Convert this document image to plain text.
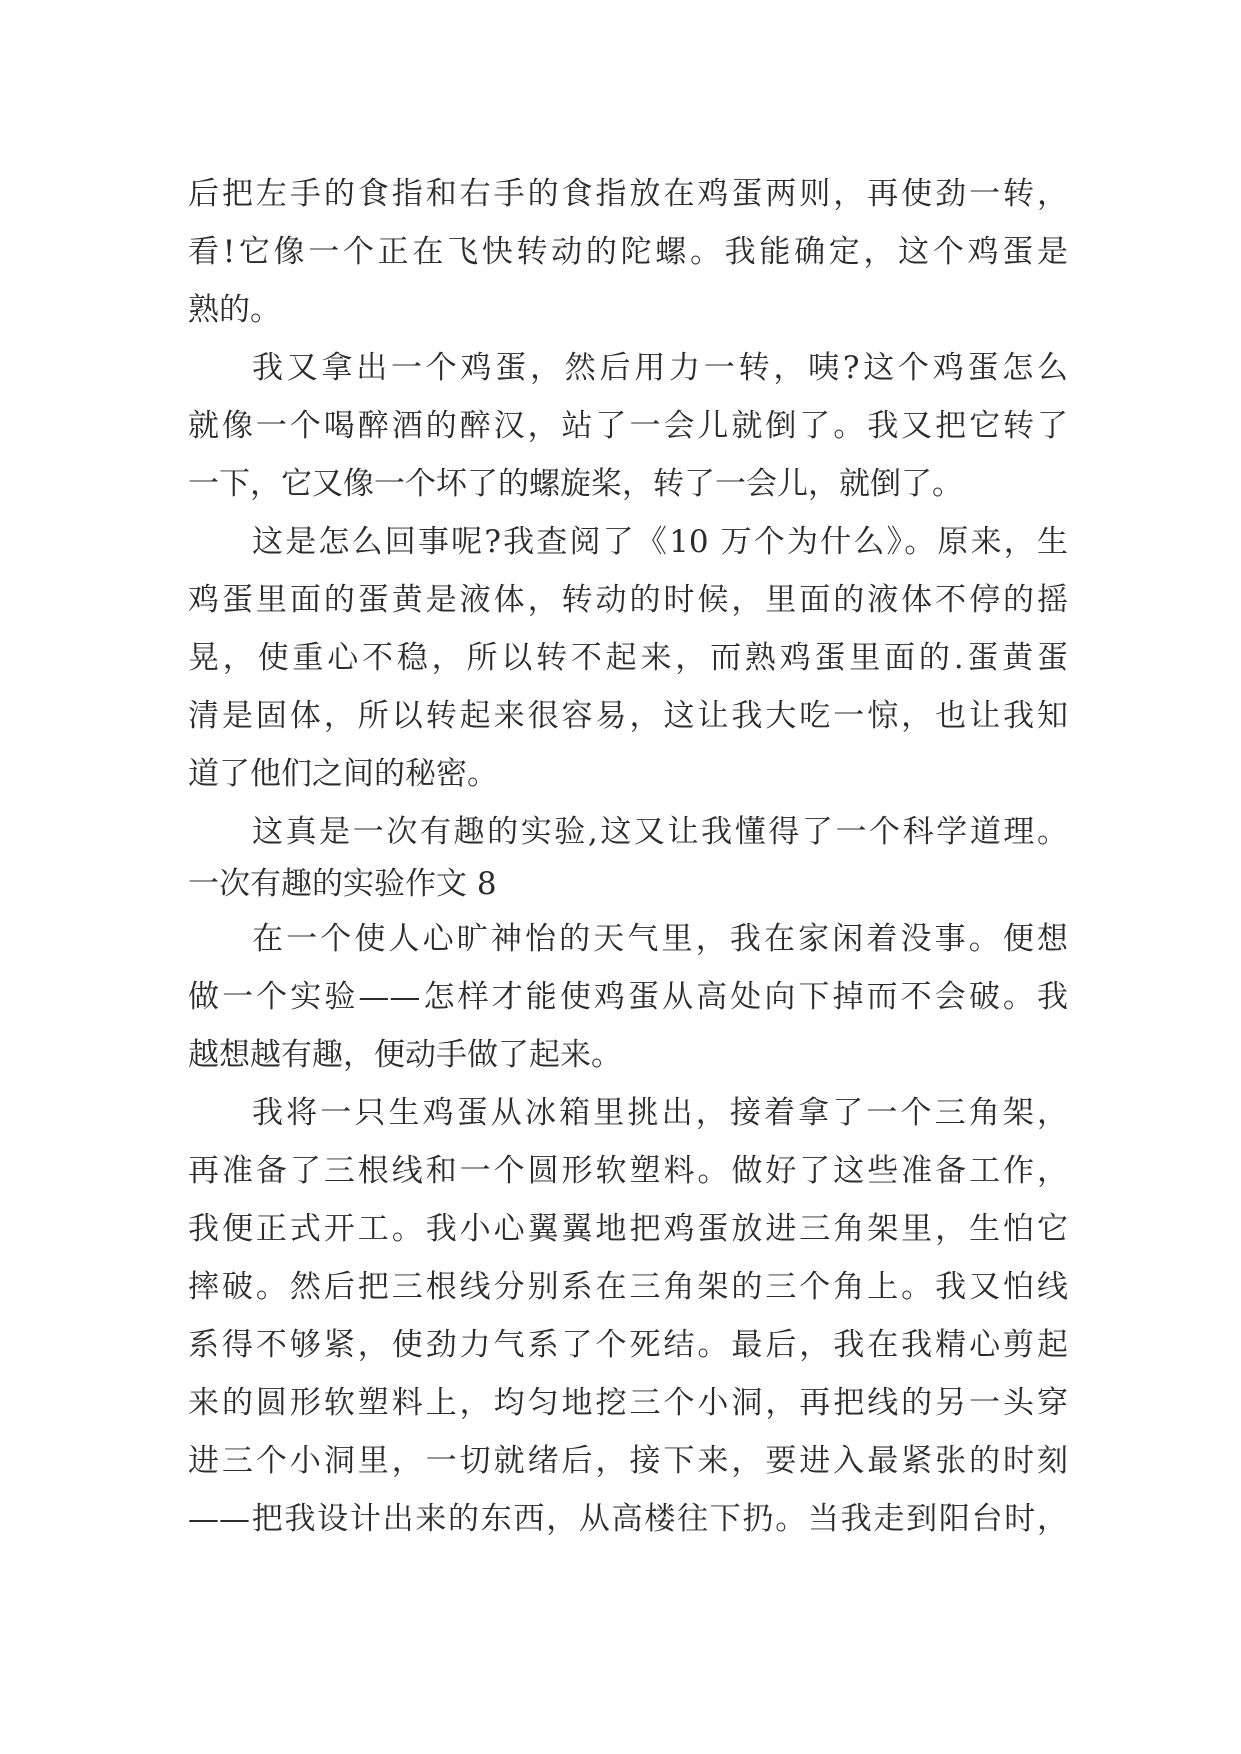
后把左手的食指和右手的食指放在鸡蛋两则，再使劲一转，
看!它像一个正在飞快转动的陀螺。我能确定，这个鸡蛋是
熟的。
我又拿出一个鸡蛋，然后用力一转，咦?这个鸡蛋怎么
就像一个喝醉酒的醉汉，站了一会儿就倒了。我又把它转了
一下，它又像一个坏了的螺旋桨，转了一会儿，就倒了。
这是怎么回事呢?我查阅了《10 万个为什么》。原来，生
鸡蛋里面的蛋黄是液体，转动的时候，里面的液体不停的摇
晃，使重心不稳，所以转不起来，而熟鸡蛋里面的.蛋黄蛋
清是固体，所以转起来很容易，这让我大吃一惊，也让我知
道了他们之间的秘密。
这真是一次有趣的实验,这又让我懂得了一个科学道理。
一次有趣的实验作文 8
在一个使人心旷神怡的天气里，我在家闲着没事。便想
做一个实验——怎样才能使鸡蛋从高处向下掉而不会破。我
越想越有趣，便动手做了起来。
我将一只生鸡蛋从冰箱里挑出，接着拿了一个三角架，
再准备了三根线和一个圆形软塑料。做好了这些准备工作，
我便正式开工。我小心翼翼地把鸡蛋放进三角架里，生怕它
摔破。然后把三根线分别系在三角架的三个角上。我又怕线
系得不够紧，使劲力气系了个死结。最后，我在我精心剪起
来的圆形软塑料上，均匀地挖三个小洞，再把线的另一头穿
进三个小洞里，一切就绪后，接下来，要进入最紧张的时刻
——把我设计出来的东西，从高楼往下扔。当我走到阳台时，
